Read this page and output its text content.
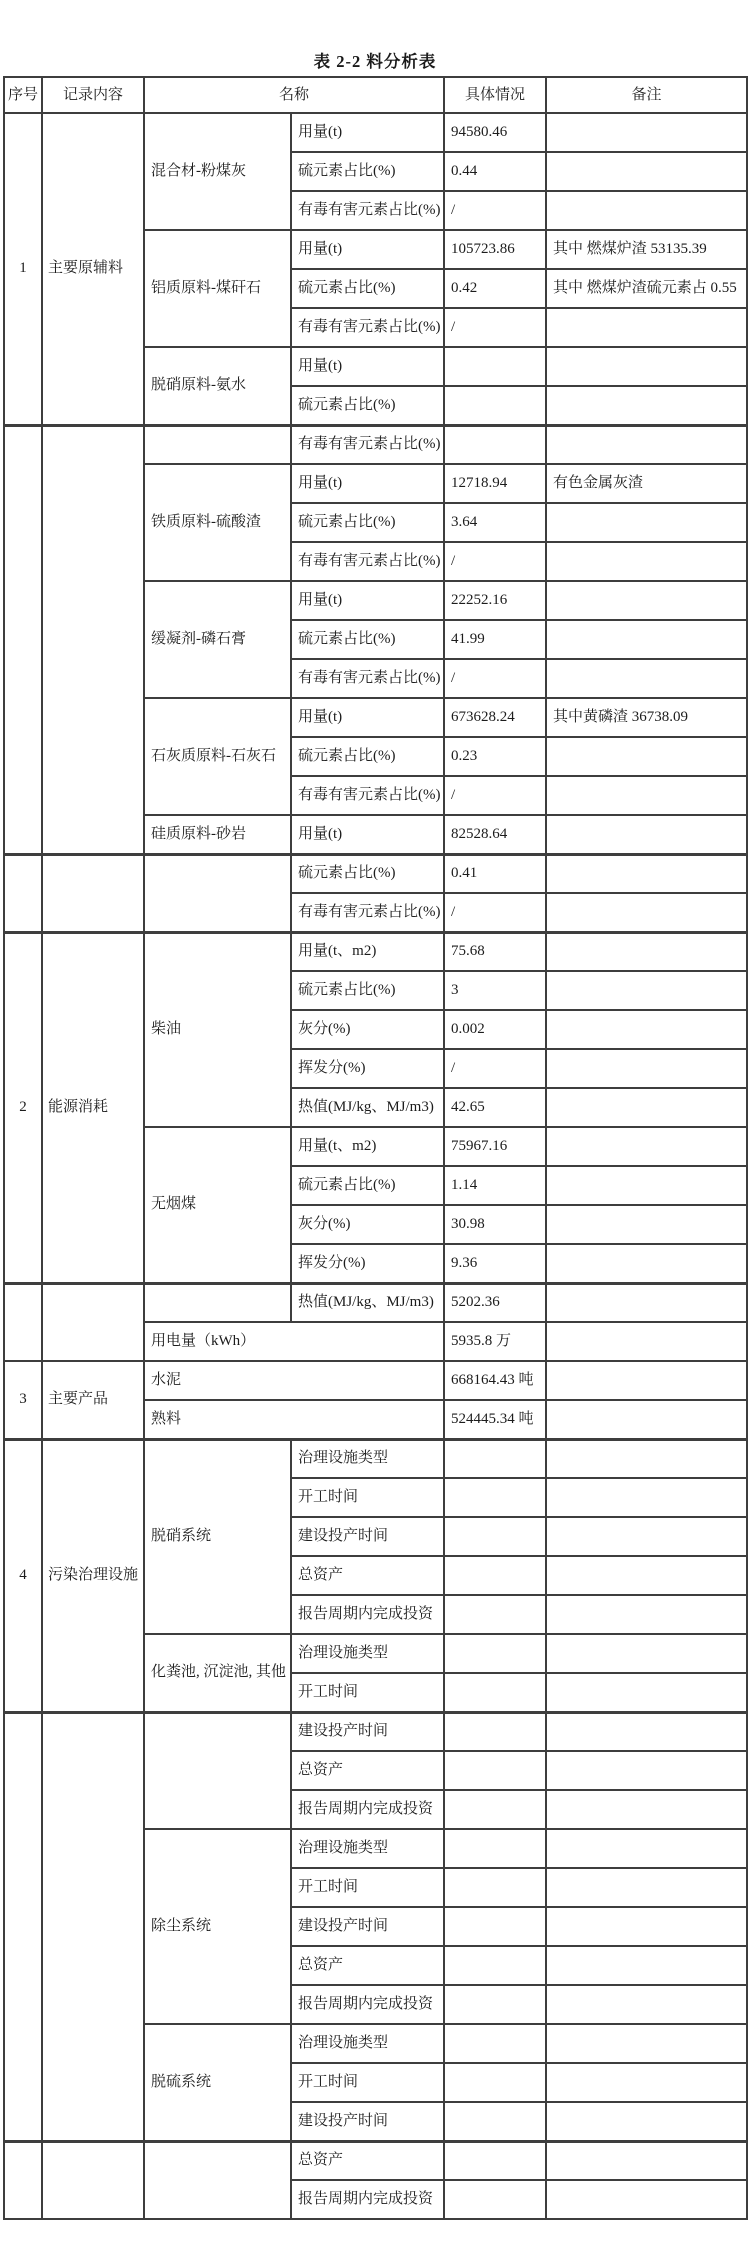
表 2-2 料分析表
序号	记录内容	名称		具体情况	备注
1	主要原辅料	混合材-粉煤灰	用量(t)	94580.46	
			硫元素占比(%)	0.44	
			有毒有害元素占比(%)	/	
		铝质原料-煤矸石	用量(t)	105723.86	其中 燃煤炉渣 53135.39
			硫元素占比(%)	0.42	其中 燃煤炉渣硫元素占 0.55
			有毒有害元素占比(%)	/	
		脱硝原料-氨水	用量(t)		
			硫元素占比(%)		
			有毒有害元素占比(%)		
		铁质原料-硫酸渣	用量(t)	12718.94	有色金属灰渣
			硫元素占比(%)	3.64	
			有毒有害元素占比(%)	/	
		缓凝剂-磷石膏	用量(t)	22252.16	
			硫元素占比(%)	41.99	
			有毒有害元素占比(%)	/	
		石灰质原料-石灰石	用量(t)	673628.24	其中黄磷渣 36738.09
			硫元素占比(%)	0.23	
			有毒有害元素占比(%)	/	
		硅质原料-砂岩	用量(t)	82528.64	
			硫元素占比(%)	0.41	
			有毒有害元素占比(%)	/	
2	能源消耗	柴油	用量(t、m2)	75.68	
			硫元素占比(%)	3	
			灰分(%)	0.002	
			挥发分(%)	/	
			热值(MJ/kg、MJ/m3)	42.65	
		无烟煤	用量(t、m2)	75967.16	
			硫元素占比(%)	1.14	
			灰分(%)	30.98	
			挥发分(%)	9.36	
			热值(MJ/kg、MJ/m3)	5202.36	
		用电量（kWh）		5935.8 万	
3	主要产品	水泥		668164.43 吨	
		熟料		524445.34 吨	
4	污染治理设施	脱硝系统	治理设施类型		
			开工时间		
			建设投产时间		
			总资产		
			报告周期内完成投资		
		化粪池, 沉淀池, 其他	治理设施类型		
			开工时间		
			建设投产时间		
			总资产		
			报告周期内完成投资		
		除尘系统	治理设施类型		
			开工时间		
			建设投产时间		
			总资产		
			报告周期内完成投资		
		脱硫系统	治理设施类型		
			开工时间		
			建设投产时间		
			总资产		
			报告周期内完成投资		
